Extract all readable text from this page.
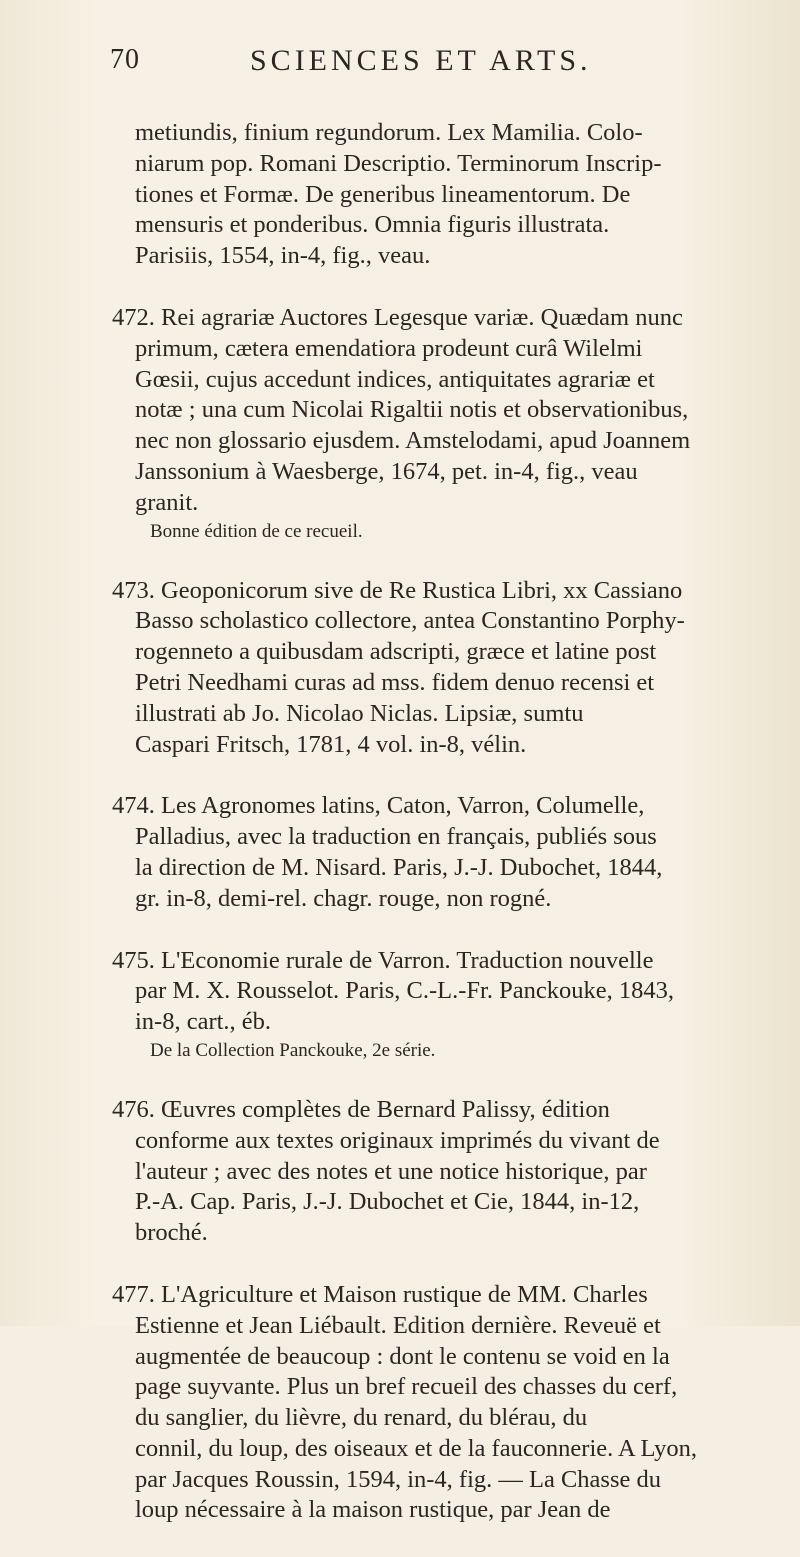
70	SCIENCES ET ARTS.

metiundis, finium regundorum. Lex Mamilia. Colo-

niarum pop. Romani Descriptio. Terminorum Inscrip-

tiones et Formæ. De generibus lineamentorum. De

mensuris et ponderibus. Omnia figuris illustrata.

Parisiis, 1554, in-4, fig., veau.

472. Rei agrariæ Auctores Legesque variæ. Quædam nunc

primum, cætera emendatiora prodeunt curâ Wilelmi

Gœsii, cujus accedunt indices, antiquitates agrariæ et

notæ ; una cum Nicolai Rigaltii notis et observationibus,

nec non glossario ejusdem. Amstelodami, apud Joannem

Janssonium à Waesberge, 1674, pet. in-4, fig., veau

granit.

Bonne édition de ce recueil.

473. Geoponicorum sive de Re Rustica Libri, xx Cassiano

Basso scholastico collectore, antea Constantino Porphy-

rogenneto a quibusdam adscripti, græce et latine post

Petri Needhami curas ad mss. fidem denuo recensi et

illustrati ab Jo. Nicolao Niclas. Lipsiæ, sumtu

Caspari Fritsch, 1781, 4 vol. in-8, vélin.

474. Les Agronomes latins, Caton, Varron, Columelle,

Palladius, avec la traduction en français, publiés sous

la direction de M. Nisard. Paris, J.-J. Dubochet, 1844,

gr. in-8, demi-rel. chagr. rouge, non rogné.

475. L'Economie rurale de Varron. Traduction nouvelle

par M. X. Rousselot. Paris, C.-L.-Fr. Panckouke, 1843,

in-8, cart., éb.

De la Collection Panckouke, 2e série.

476. Œuvres complètes de Bernard Palissy, édition

conforme aux textes originaux imprimés du vivant de

l'auteur ; avec des notes et une notice historique, par

P.-A. Cap. Paris, J.-J. Dubochet et Cie, 1844, in-12,

broché.

477. L'Agriculture et Maison rustique de MM. Charles

Estienne et Jean Liébault. Edition dernière. Reveuë et

augmentée de beaucoup : dont le contenu se void en la

page suyvante. Plus un bref recueil des chasses du cerf,

du sanglier, du lièvre, du renard, du blérau, du

connil, du loup, des oiseaux et de la fauconnerie. A Lyon,

par Jacques Roussin, 1594, in-4, fig. — La Chasse du

loup nécessaire à la maison rustique, par Jean de
